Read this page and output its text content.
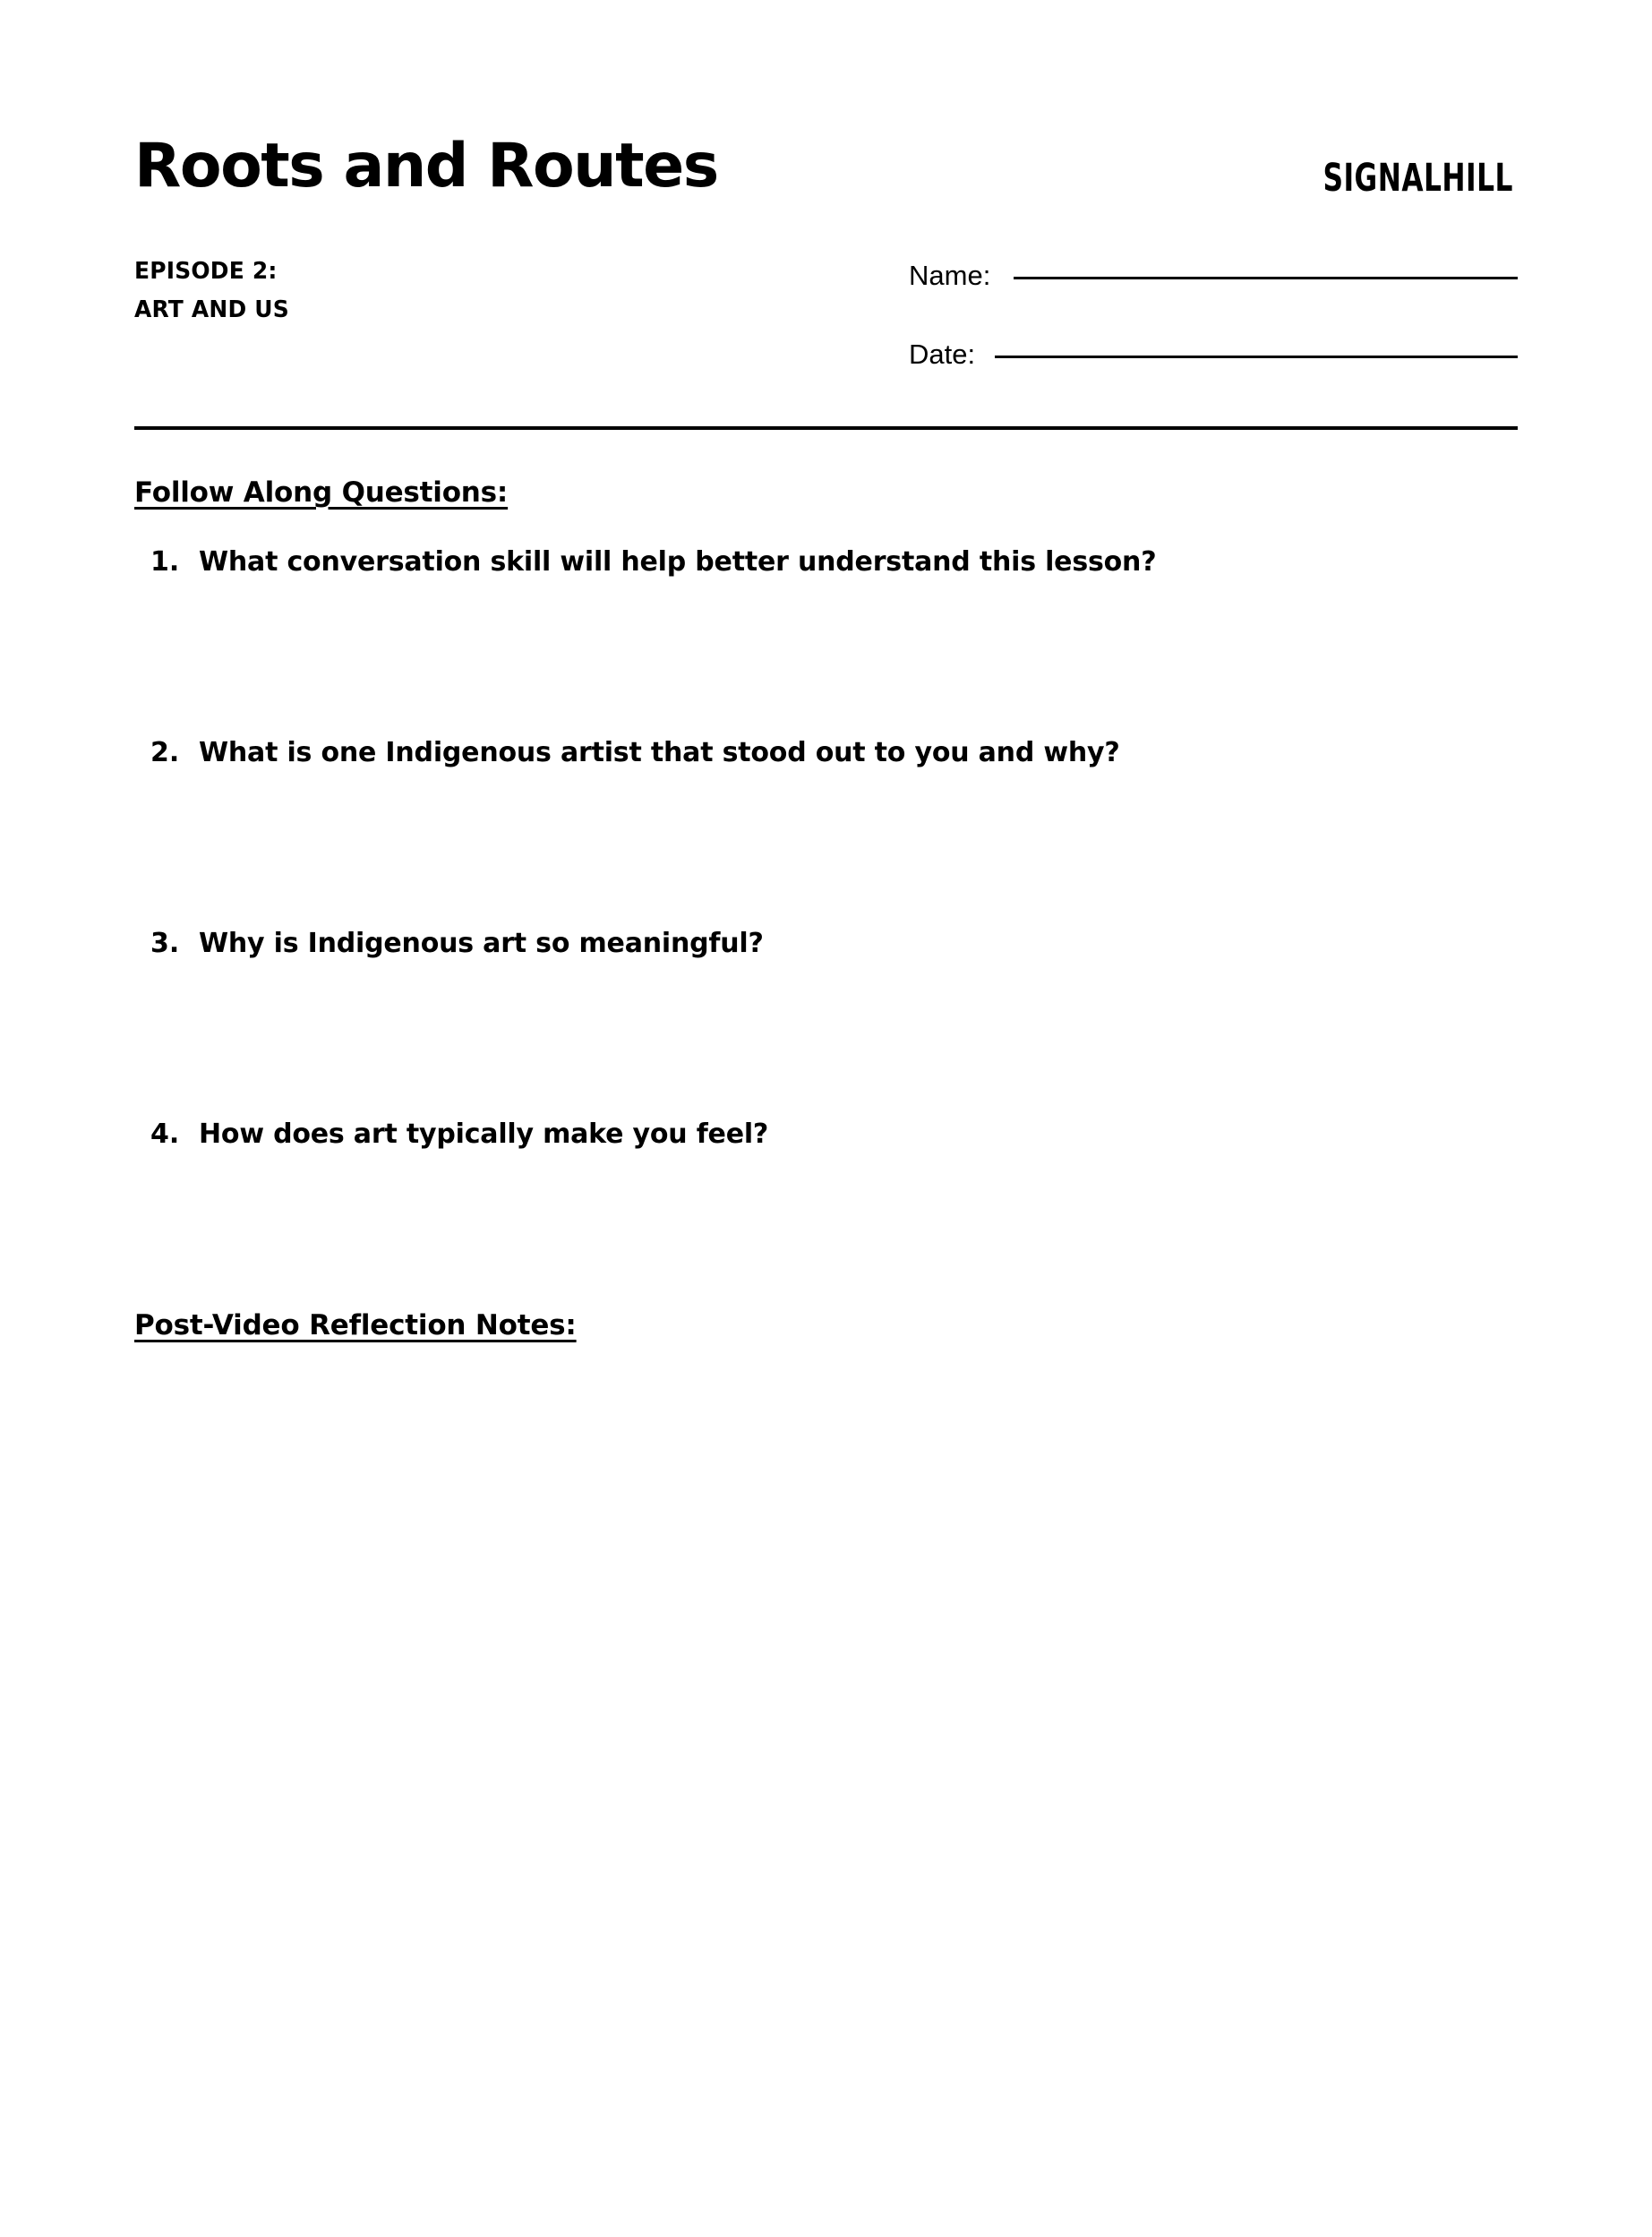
Roots and Routes	SIGNALHILL
EPISODE 2:
ART AND US
Name:
Date:
Follow Along Questions:
1. What conversation skill will help better understand this lesson?
2. What is one Indigenous artist that stood out to you and why?
3. Why is Indigenous art so meaningful?
4. How does art typically make you feel?
Post-Video Reflection Notes:
